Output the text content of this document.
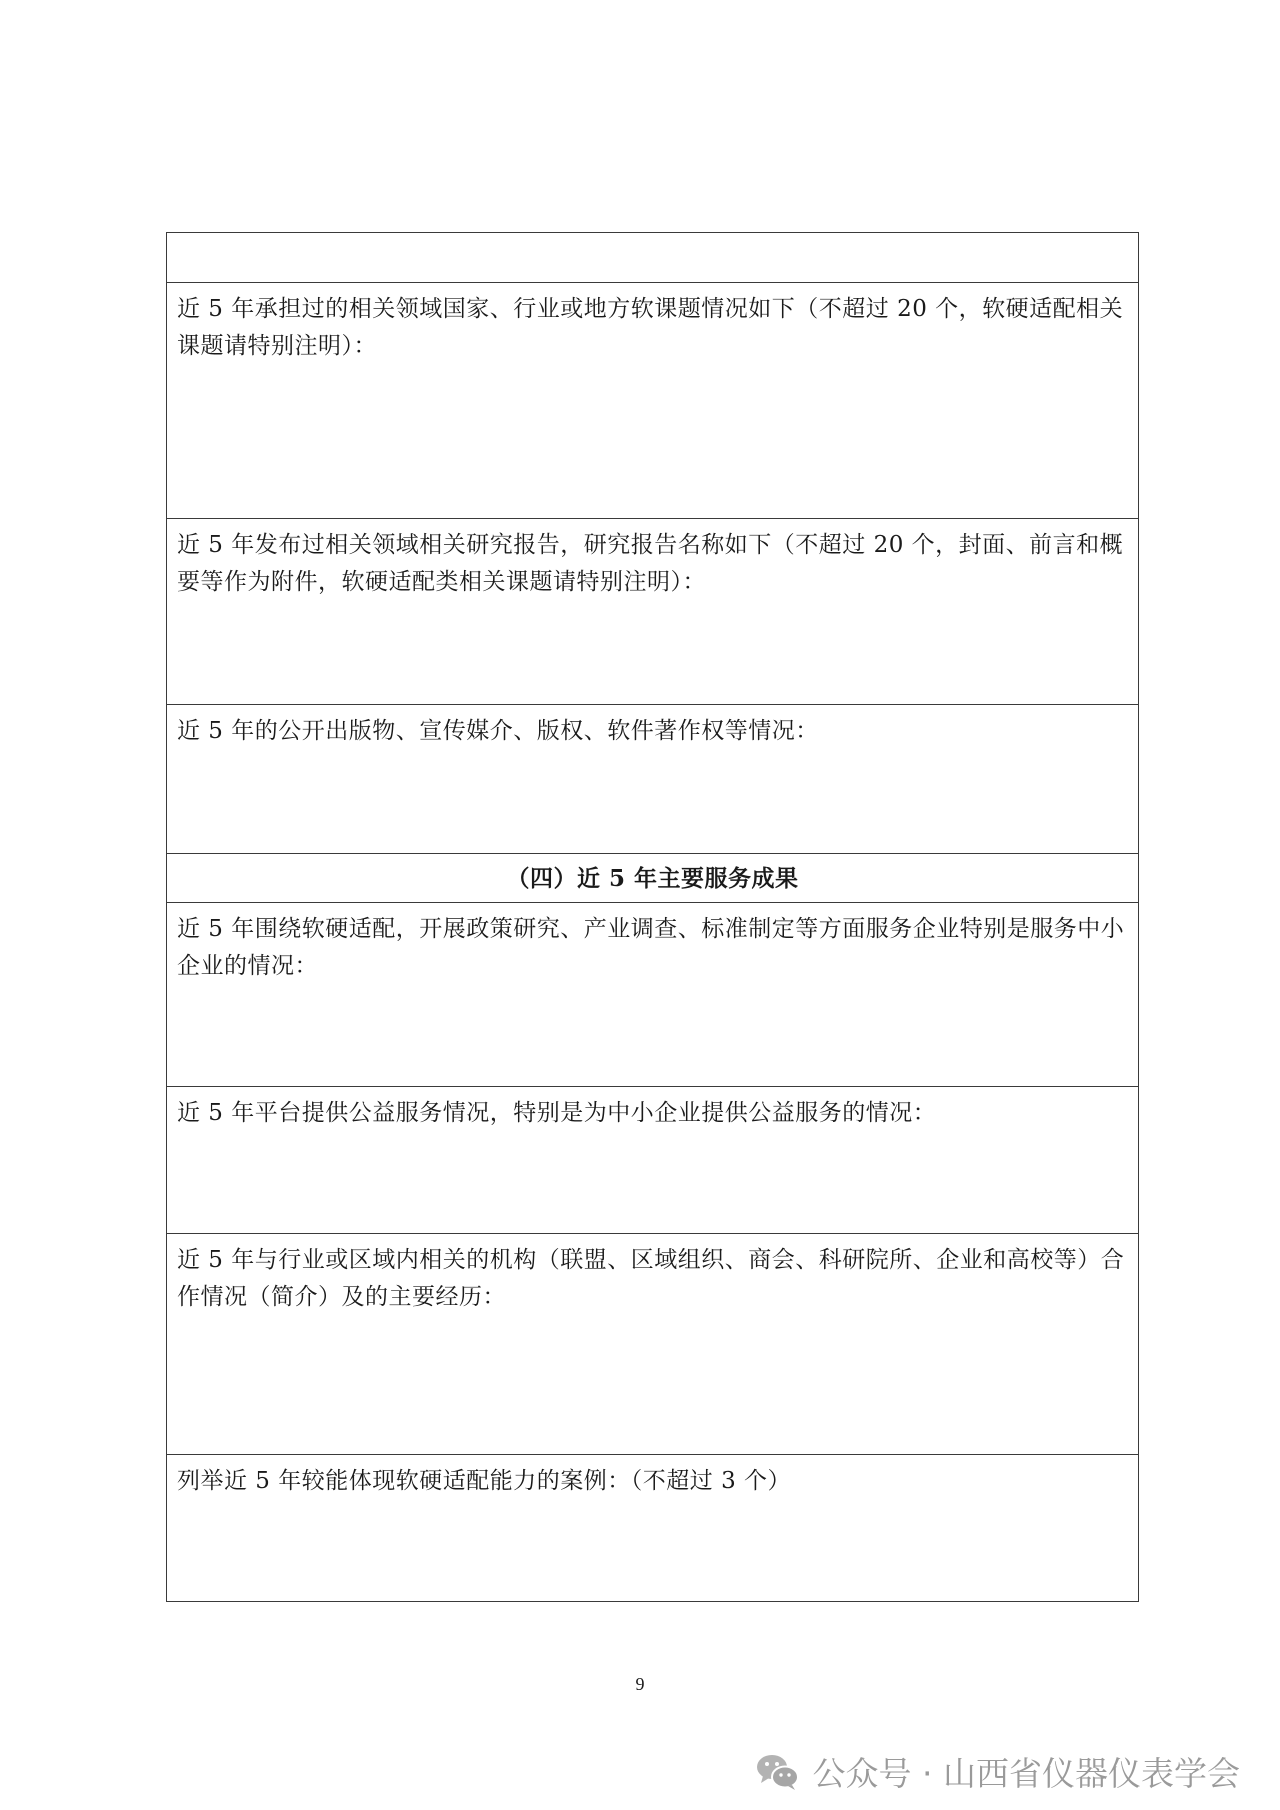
近 5 年承担过的相关领域国家、行业或地方软课题情况如下（不超过 20 个，软硬适配相关课题请特别注明）：
近 5 年发布过相关领域相关研究报告，研究报告名称如下（不超过 20 个，封面、前言和概要等作为附件，软硬适配类相关课题请特别注明）：
近 5 年的公开出版物、宣传媒介、版权、软件著作权等情况：
（四）近 5 年主要服务成果
近 5 年围绕软硬适配，开展政策研究、产业调查、标准制定等方面服务企业特别是服务中小企业的情况：
近 5 年平台提供公益服务情况，特别是为中小企业提供公益服务的情况：
近 5 年与行业或区域内相关的机构（联盟、区域组织、商会、科研院所、企业和高校等）合作情况（简介）及的主要经历：
列举近 5 年较能体现软硬适配能力的案例：（不超过 3 个）
9
公众号 · 山西省仪器仪表学会
